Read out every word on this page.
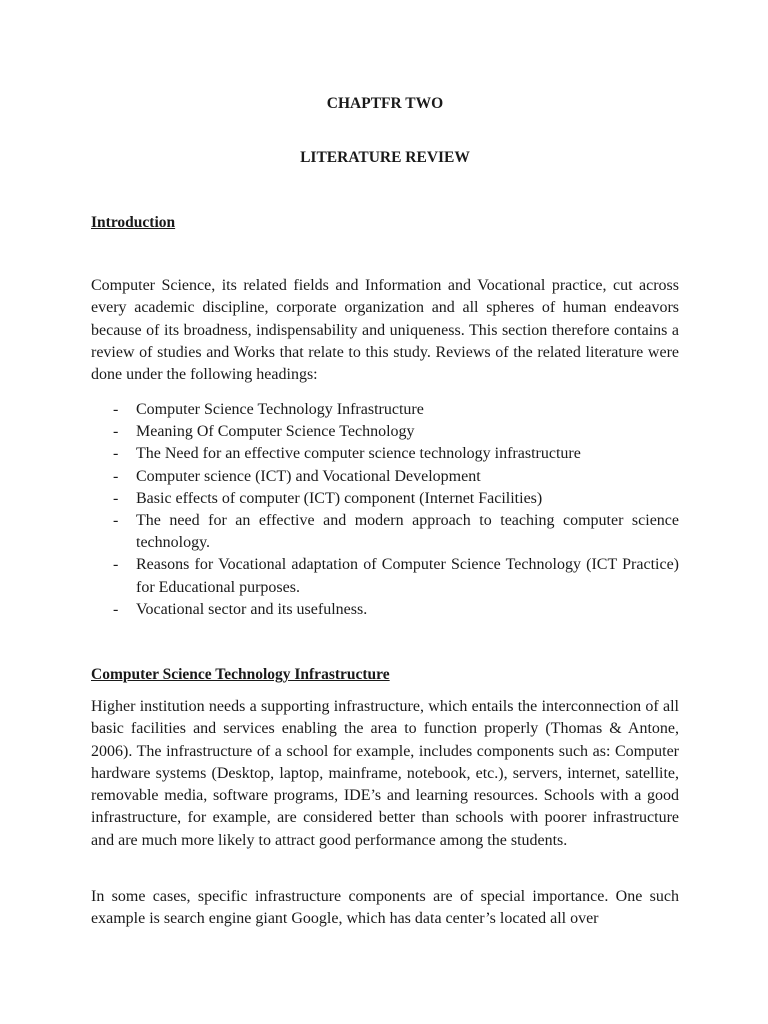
CHAPTFR TWO
LITERATURE REVIEW
Introduction

Computer Science, its related fields and Information and Vocational practice, cut across every academic discipline, corporate organization and all spheres of human endeavors because of its broadness, indispensability and uniqueness. This section therefore contains a review of studies and Works that relate to this study. Reviews of the related literature were done under the following headings:

- Computer Science Technology Infrastructure
- Meaning Of Computer Science Technology
- The Need for an effective computer science technology infrastructure
- Computer science (ICT) and Vocational Development
- Basic effects of computer (ICT) component (Internet Facilities)
- The need for an effective and modern approach to teaching computer science technology.
- Reasons for Vocational adaptation of Computer Science Technology (ICT Practice) for Educational purposes.
- Vocational sector and its usefulness.
Computer Science Technology Infrastructure

Higher institution needs a supporting infrastructure, which entails the interconnection of all basic facilities and services enabling the area to function properly (Thomas & Antone, 2006). The infrastructure of a school for example, includes components such as: Computer hardware systems (Desktop, laptop, mainframe, notebook, etc.), servers, internet, satellite, removable media, software programs, IDE’s and learning resources. Schools with a good infrastructure, for example, are considered better than schools with poorer infrastructure and are much more likely to attract good performance among the students.

In some cases, specific infrastructure components are of special importance. One such example is search engine giant Google, which has data center’s located all over
